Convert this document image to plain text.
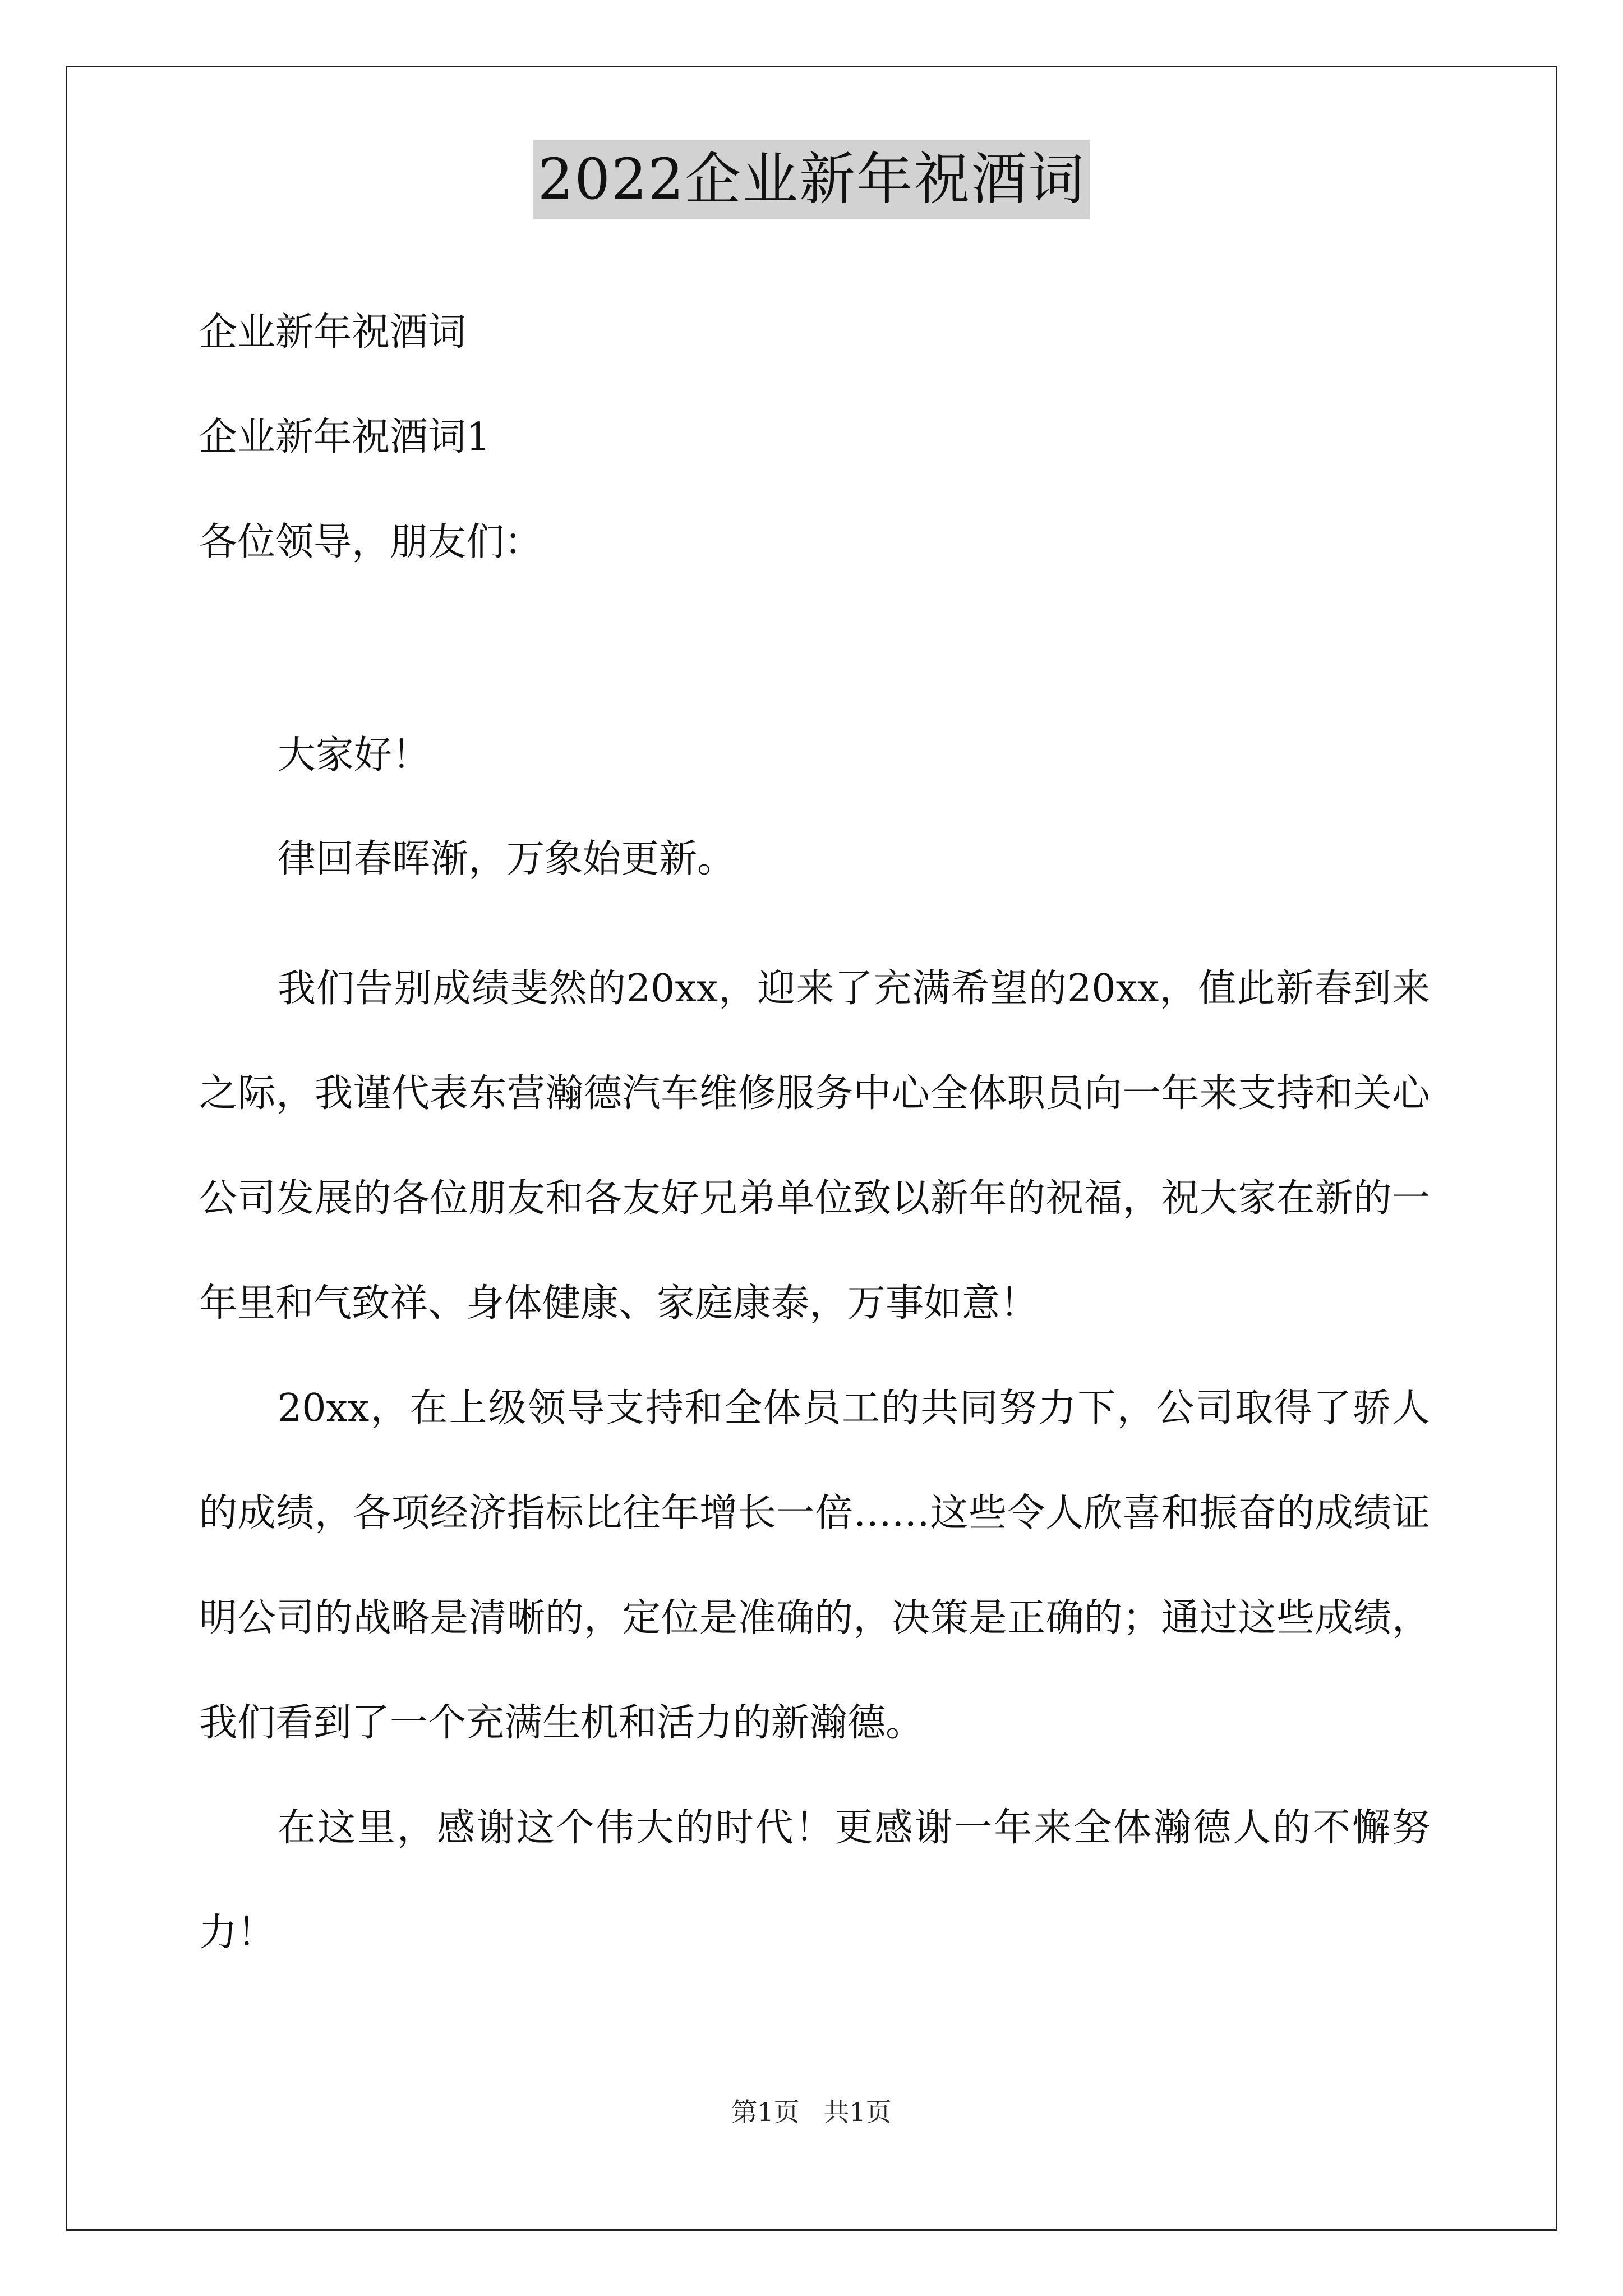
2022企业新年祝酒词

企业新年祝酒词

企业新年祝酒词1

各位领导，朋友们：

大家好！

律回春晖渐，万象始更新。

我们告别成绩斐然的20xx，迎来了充满希望的20xx，值此新春到来之际，我谨代表东营瀚德汽车维修服务中心全体职员向一年来支持和关心公司发展的各位朋友和各友好兄弟单位致以新年的祝福，祝大家在新的一年里和气致祥、身体健康、家庭康泰，万事如意！

20xx，在上级领导支持和全体员工的共同努力下，公司取得了骄人的成绩，各项经济指标比往年增长一倍……这些令人欣喜和振奋的成绩证明公司的战略是清晰的，定位是准确的，决策是正确的；通过这些成绩，我们看到了一个充满生机和活力的新瀚德。

在这里，感谢这个伟大的时代！更感谢一年来全体瀚德人的不懈努力！

第1页 共1页
